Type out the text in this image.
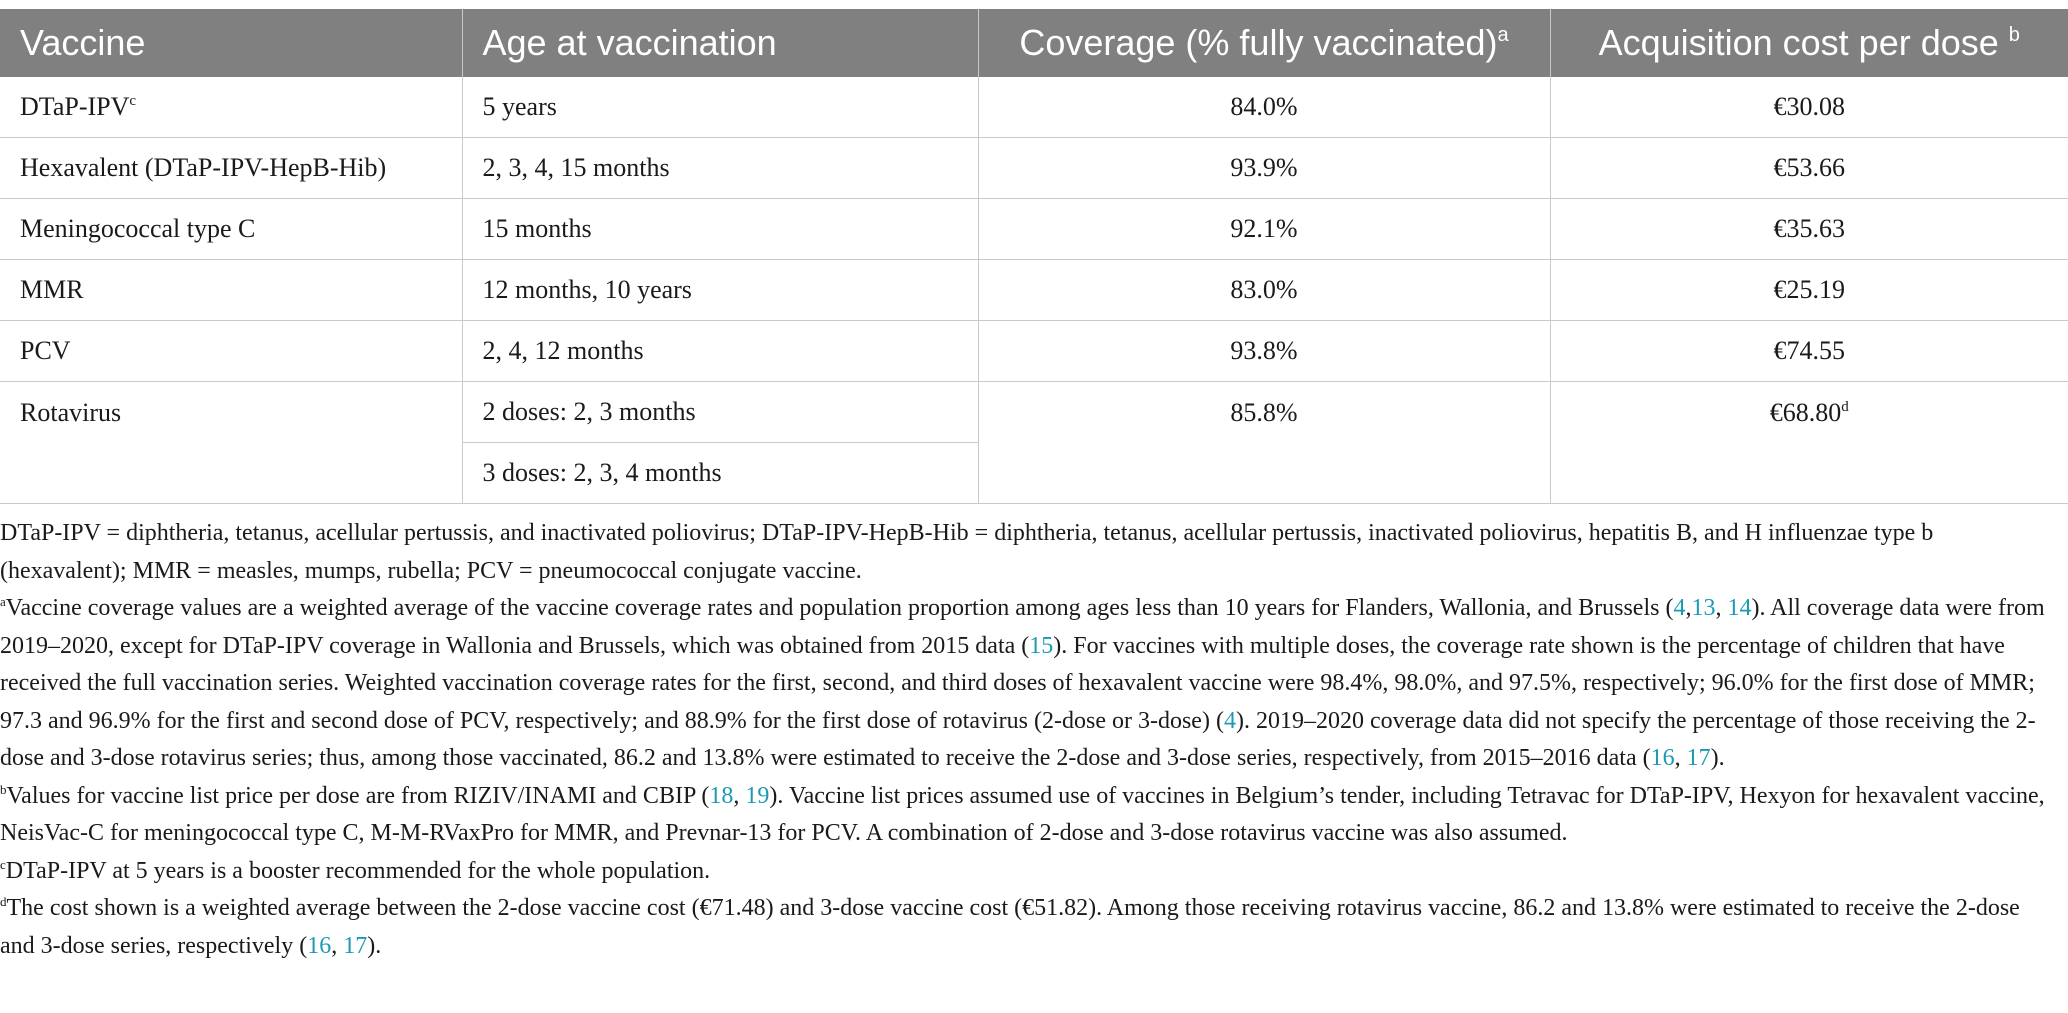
Vaccine	Age at vaccination	Coverage (% fully vaccinated)$^a$	Acquisition cost per dose $^b$
DTaP-IPV$^c$	5 years	84.0%	€30.08
Hexavalent (DTaP-IPV-HepB-Hib)	2, 3, 4, 15 months	93.9%	€53.66
Meningococcal type C	15 months	92.1%	€35.63
MMR	12 months, 10 years	83.0%	€25.19
PCV	2, 4, 12 months	93.8%	€74.55
Rotavirus	2 doses: 2, 3 months	85.8%	€68.80$^d$
	3 doses: 2, 3, 4 months		

DTaP-IPV = diphtheria, tetanus, acellular pertussis, and inactivated poliovirus; DTaP-IPV-HepB-Hib = diphtheria, tetanus, acellular pertussis, inactivated poliovirus, hepatitis B, and H influenzae type b (hexavalent); MMR = measles, mumps, rubella; PCV = pneumococcal conjugate vaccine.

$^a$Vaccine coverage values are a weighted average of the vaccine coverage rates and population proportion among ages less than 10 years for Flanders, Wallonia, and Brussels (4,13, 14). All coverage data were from 2019–2020, except for DTaP-IPV coverage in Wallonia and Brussels, which was obtained from 2015 data (15). For vaccines with multiple doses, the coverage rate shown is the percentage of children that have received the full vaccination series. Weighted vaccination coverage rates for the first, second, and third doses of hexavalent vaccine were 98.4%, 98.0%, and 97.5%, respectively; 96.0% for the first dose of MMR; 97.3 and 96.9% for the first and second dose of PCV, respectively; and 88.9% for the first dose of rotavirus (2-dose or 3-dose) (4). 2019–2020 coverage data did not specify the percentage of those receiving the 2-dose and 3-dose rotavirus series; thus, among those vaccinated, 86.2 and 13.8% were estimated to receive the 2-dose and 3-dose series, respectively, from 2015–2016 data (16, 17).

$^b$Values for vaccine list price per dose are from RIZIV/INAMI and CBIP (18, 19). Vaccine list prices assumed use of vaccines in Belgium’s tender, including Tetravac for DTaP-IPV, Hexyon for hexavalent vaccine, NeisVac-C for meningococcal type C, M-M-RVaxPro for MMR, and Prevnar-13 for PCV. A combination of 2-dose and 3-dose rotavirus vaccine was also assumed.

$^c$DTaP-IPV at 5 years is a booster recommended for the whole population.

$^d$The cost shown is a weighted average between the 2-dose vaccine cost (€71.48) and 3-dose vaccine cost (€51.82). Among those receiving rotavirus vaccine, 86.2 and 13.8% were estimated to receive the 2-dose and 3-dose series, respectively (16, 17).
